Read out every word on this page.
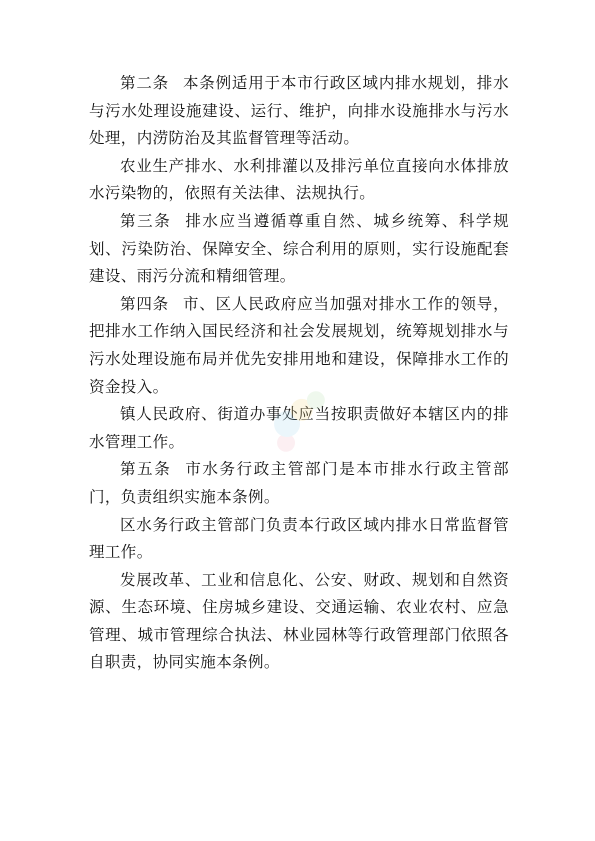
第二条 本条例适用于本市行政区域内排水规划，排水与污水处理设施建设、运行、维护，向排水设施排水与污水处理，内涝防治及其监督管理等活动。

农业生产排水、水利排灌以及排污单位直接向水体排放水污染物的，依照有关法律、法规执行。

第三条 排水应当遵循尊重自然、城乡统筹、科学规划、污染防治、保障安全、综合利用的原则，实行设施配套建设、雨污分流和精细管理。

第四条 市、区人民政府应当加强对排水工作的领导，把排水工作纳入国民经济和社会发展规划，统筹规划排水与污水处理设施布局并优先安排用地和建设，保障排水工作的资金投入。

镇人民政府、街道办事处应当按职责做好本辖区内的排水管理工作。

第五条 市水务行政主管部门是本市排水行政主管部门，负责组织实施本条例。

区水务行政主管部门负责本行政区域内排水日常监督管理工作。

发展改革、工业和信息化、公安、财政、规划和自然资源、生态环境、住房城乡建设、交通运输、农业农村、应急管理、城市管理综合执法、林业园林等行政管理部门依照各自职责，协同实施本条例。
